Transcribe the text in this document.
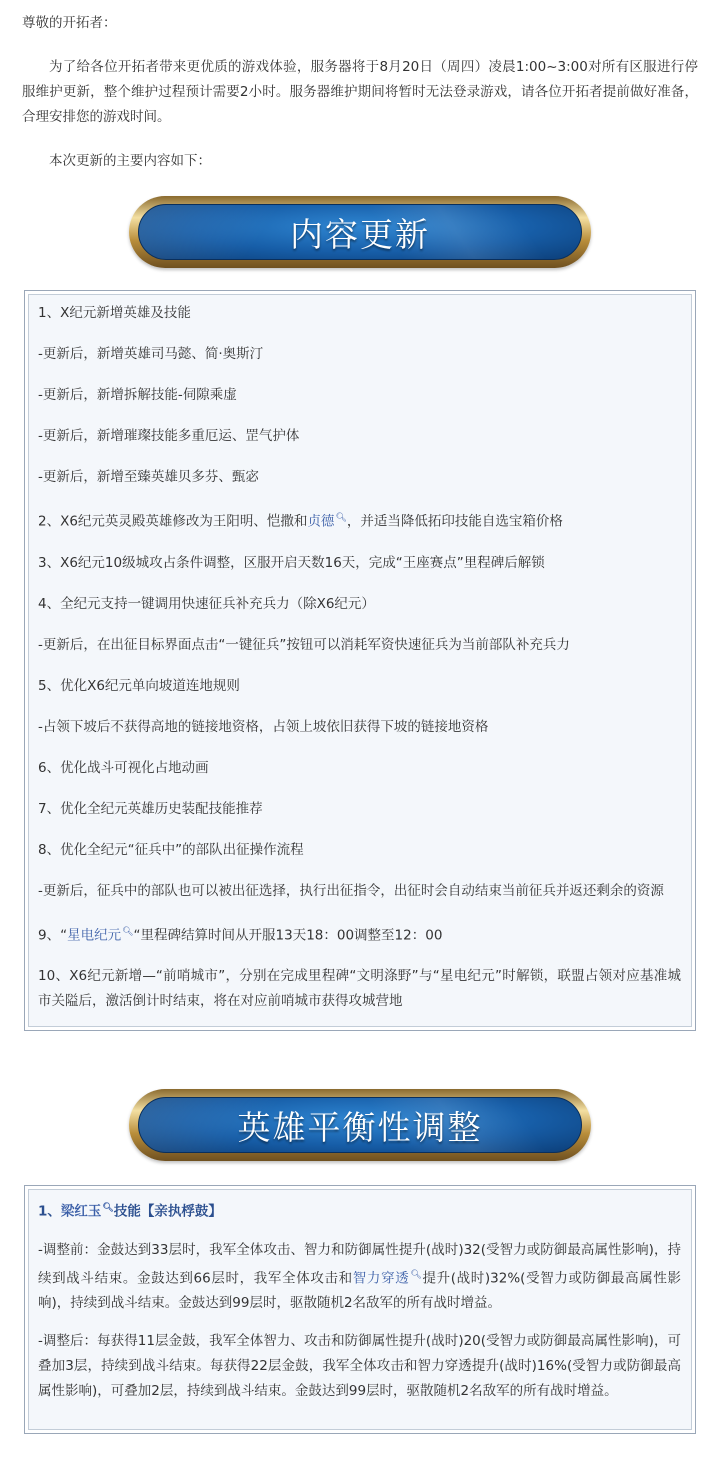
尊敬的开拓者：

为了给各位开拓者带来更优质的游戏体验，服务器将于8月20日（周四）凌晨1:00~3:00对所有区服进行停服维护更新，整个维护过程预计需要2小时。服务器维护期间将暂时无法登录游戏，请各位开拓者提前做好准备，合理安排您的游戏时间。

本次更新的主要内容如下：

内容更新

1、X纪元新增英雄及技能

-更新后，新增英雄司马懿、简·奥斯汀

-更新后，新增拆解技能-伺隙乘虚

-更新后，新增璀璨技能多重厄运、罡气护体

-更新后，新增至臻英雄贝多芬、甄宓

2、X6纪元英灵殿英雄修改为王阳明、恺撒和贞德🔍︎，并适当降低拓印技能自选宝箱价格

3、X6纪元10级城攻占条件调整，区服开启天数16天，完成“王座赛点”里程碑后解锁

4、全纪元支持一键调用快速征兵补充兵力（除X6纪元）

-更新后，在出征目标界面点击“一键征兵”按钮可以消耗军资快速征兵为当前部队补充兵力

5、优化X6纪元单向坡道连地规则

-占领下坡后不获得高地的链接地资格，占领上坡依旧获得下坡的链接地资格

6、优化战斗可视化占地动画

7、优化全纪元英雄历史装配技能推荐

8、优化全纪元“征兵中”的部队出征操作流程

-更新后，征兵中的部队也可以被出征选择，执行出征指令，出征时会自动结束当前征兵并返还剩余的资源

9、“星电纪元🔍︎“里程碑结算时间从开服13天18：00调整至12：00

10、X6纪元新增—“前哨城市”，分别在完成里程碑“文明涤野”与“星电纪元”时解锁，联盟占领对应基准城市关隘后，激活倒计时结束，将在对应前哨城市获得攻城营地

英雄平衡性调整

1、梁红玉🔍︎技能【亲执桴鼓】

-调整前：金鼓达到33层时，我军全体攻击、智力和防御属性提升(战时)32(受智力或防御最高属性影响)，持续到战斗结束。金鼓达到66层时，我军全体攻击和智力穿透🔍︎提升(战时)32%(受智力或防御最高属性影响)，持续到战斗结束。金鼓达到99层时，驱散随机2名敌军的所有战时增益。

-调整后：每获得11层金鼓，我军全体智力、攻击和防御属性提升(战时)20(受智力或防御最高属性影响)，可叠加3层，持续到战斗结束。每获得22层金鼓，我军全体攻击和智力穿透提升(战时)16%(受智力或防御最高属性影响)，可叠加2层，持续到战斗结束。金鼓达到99层时，驱散随机2名敌军的所有战时增益。
